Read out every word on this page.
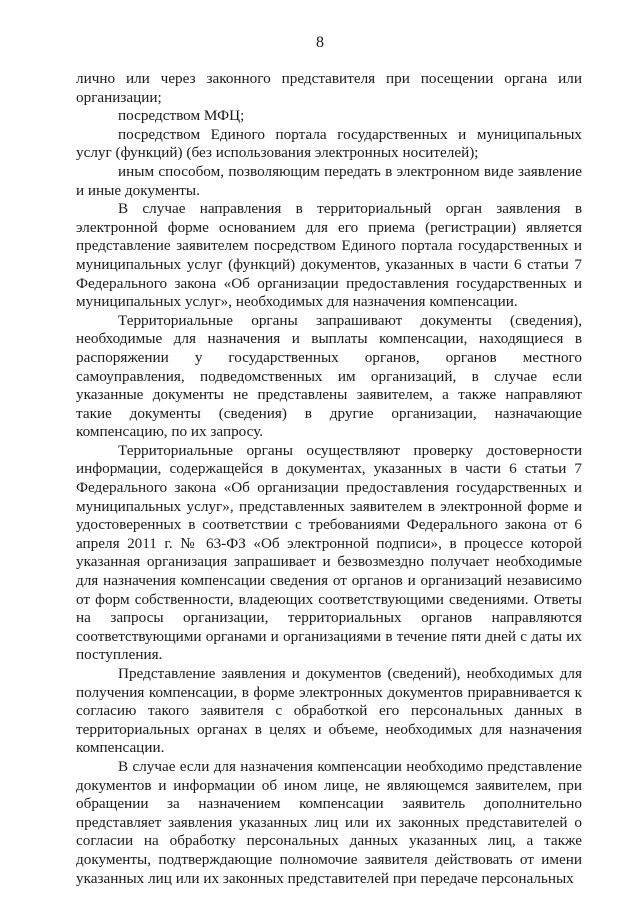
8

лично или через законного представителя при посещении органа или организации;

посредством МФЦ;

посредством Единого портала государственных и муниципальных услуг (функций) (без использования электронных носителей);

иным способом, позволяющим передать в электронном виде заявление и иные документы.

В случае направления в территориальный орган заявления в электронной форме основанием для его приема (регистрации) является представление заявителем посредством Единого портала государственных и муниципальных услуг (функций) документов, указанных в части 6 статьи 7 Федерального закона «Об организации предоставления государственных и муниципальных услуг», необходимых для назначения компенсации.

Территориальные органы запрашивают документы (сведения), необходимые для назначения и выплаты компенсации, находящиеся в распоряжении у государственных органов, органов местного самоуправления, подведомственных им организаций, в случае если указанные документы не представлены заявителем, а также направляют такие документы (сведения) в другие организации, назначающие компенсацию, по их запросу.

Территориальные органы осуществляют проверку достоверности информации, содержащейся в документах, указанных в части 6 статьи 7 Федерального закона «Об организации предоставления государственных и муниципальных услуг», представленных заявителем в электронной форме и удостоверенных в соответствии с требованиями Федерального закона от 6 апреля 2011 г. № 63-ФЗ «Об электронной подписи», в процессе которой указанная организация запрашивает и безвозмездно получает необходимые для назначения компенсации сведения от органов и организаций независимо от форм собственности, владеющих соответствующими сведениями. Ответы на запросы организации, территориальных органов направляются соответствующими органами и организациями в течение пяти дней с даты их поступления.

Представление заявления и документов (сведений), необходимых для получения компенсации, в форме электронных документов приравнивается к согласию такого заявителя с обработкой его персональных данных в территориальных органах в целях и объеме, необходимых для назначения компенсации.

В случае если для назначения компенсации необходимо представление документов и информации об ином лице, не являющемся заявителем, при обращении за назначением компенсации заявитель дополнительно представляет заявления указанных лиц или их законных представителей о согласии на обработку персональных данных указанных лиц, а также документы, подтверждающие полномочие заявителя действовать от имени указанных лиц или их законных представителей при передаче персональных
